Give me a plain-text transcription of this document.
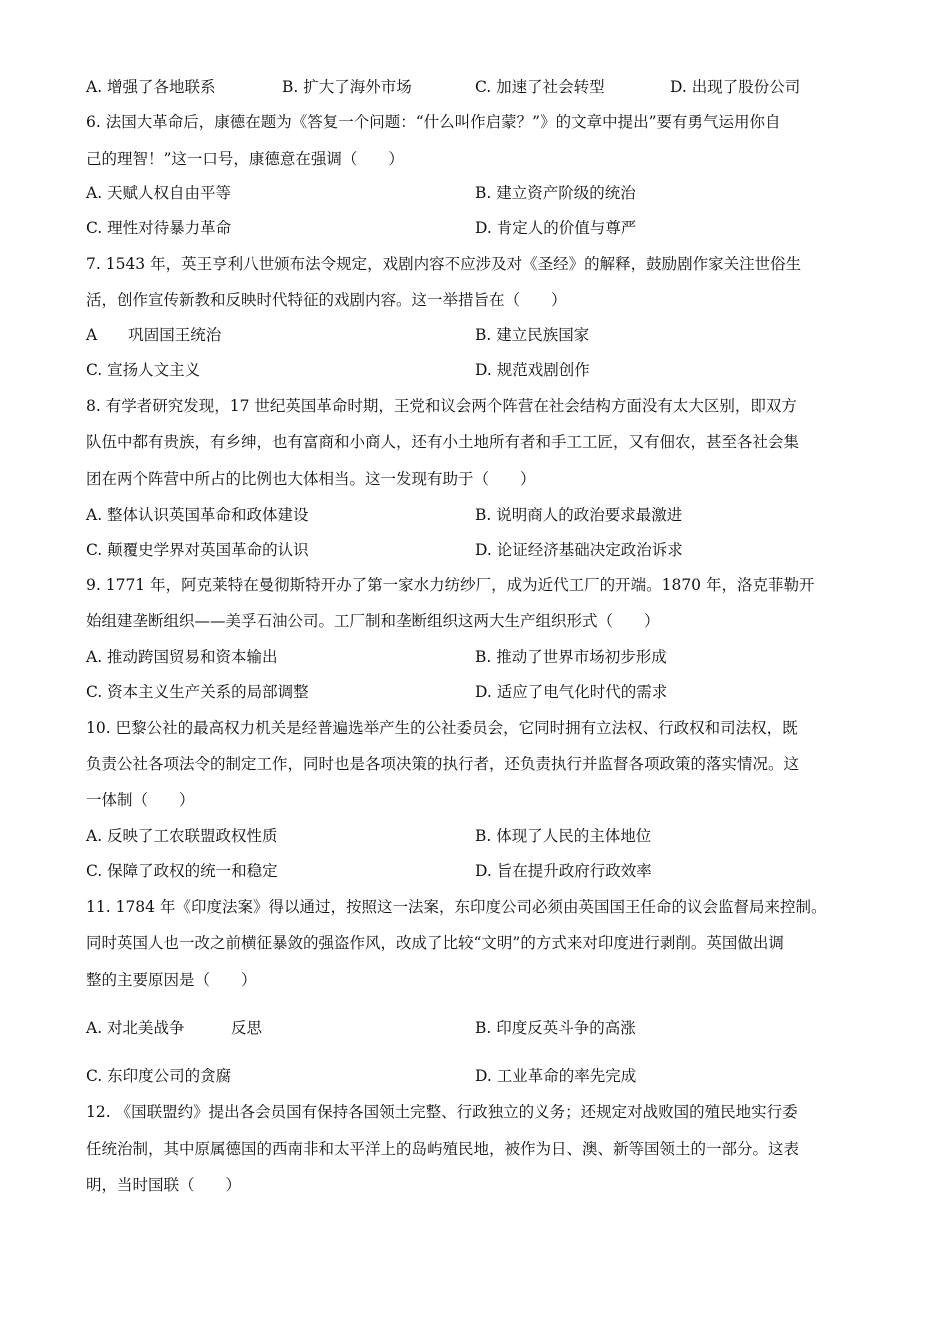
A. 增强了各地联系	B. 扩大了海外市场	C. 加速了社会转型	D. 出现了股份公司
6. 法国大革命后，康德在题为《答复一个问题：“什么叫作启蒙？”》的文章中提出”要有勇气运用你自
己的理智！”这一口号，康德意在强调（　　）
A. 天赋人权自由平等	B. 建立资产阶级的统治
C. 理性对待暴力革命	D. 肯定人的价值与尊严
7. 1543 年，英王亨利八世颁布法令规定，戏剧内容不应涉及对《圣经》的解释，鼓励剧作家关注世俗生
活，创作宣传新教和反映时代特征的戏剧内容。这一举措旨在（　　）
A　　巩固国王统治	B. 建立民族国家
C. 宣扬人文主义	D. 规范戏剧创作
8. 有学者研究发现，17 世纪英国革命时期，王党和议会两个阵营在社会结构方面没有太大区别，即双方
队伍中都有贵族，有乡绅，也有富商和小商人，还有小土地所有者和手工工匠，又有佃农，甚至各社会集
团在两个阵营中所占的比例也大体相当。这一发现有助于（　　）
A. 整体认识英国革命和政体建设	B. 说明商人的政治要求最激进
C. 颠覆史学界对英国革命的认识	D. 论证经济基础决定政治诉求
9. 1771 年，阿克莱特在曼彻斯特开办了第一家水力纺纱厂，成为近代工厂的开端。1870 年，洛克菲勒开
始组建垄断组织——美孚石油公司。工厂制和垄断组织这两大生产组织形式（　　）
A. 推动跨国贸易和资本输出	B. 推动了世界市场初步形成
C. 资本主义生产关系的局部调整	D. 适应了电气化时代的需求
10. 巴黎公社的最高权力机关是经普遍选举产生的公社委员会，它同时拥有立法权、行政权和司法权，既
负责公社各项法令的制定工作，同时也是各项决策的执行者，还负责执行并监督各项政策的落实情况。这
一体制（　　）
A. 反映了工农联盟政权性质	B. 体现了人民的主体地位
C. 保障了政权的统一和稳定	D. 旨在提升政府行政效率
11. 1784 年《印度法案》得以通过，按照这一法案，东印度公司必须由英国国王任命的议会监督局来控制。
同时英国人也一改之前横征暴敛的强盗作风，改成了比较“文明”的方式来对印度进行剥削。英国做出调
整的主要原因是（　　）
A. 对北美战争　　　反思	B. 印度反英斗争的高涨
C. 东印度公司的贪腐	D. 工业革命的率先完成
12. 《国联盟约》提出各会员国有保持各国领土完整、行政独立的义务；还规定对战败国的殖民地实行委
任统治制，其中原属德国的西南非和太平洋上的岛屿殖民地，被作为日、澳、新等国领土的一部分。这表
明，当时国联（　　）
